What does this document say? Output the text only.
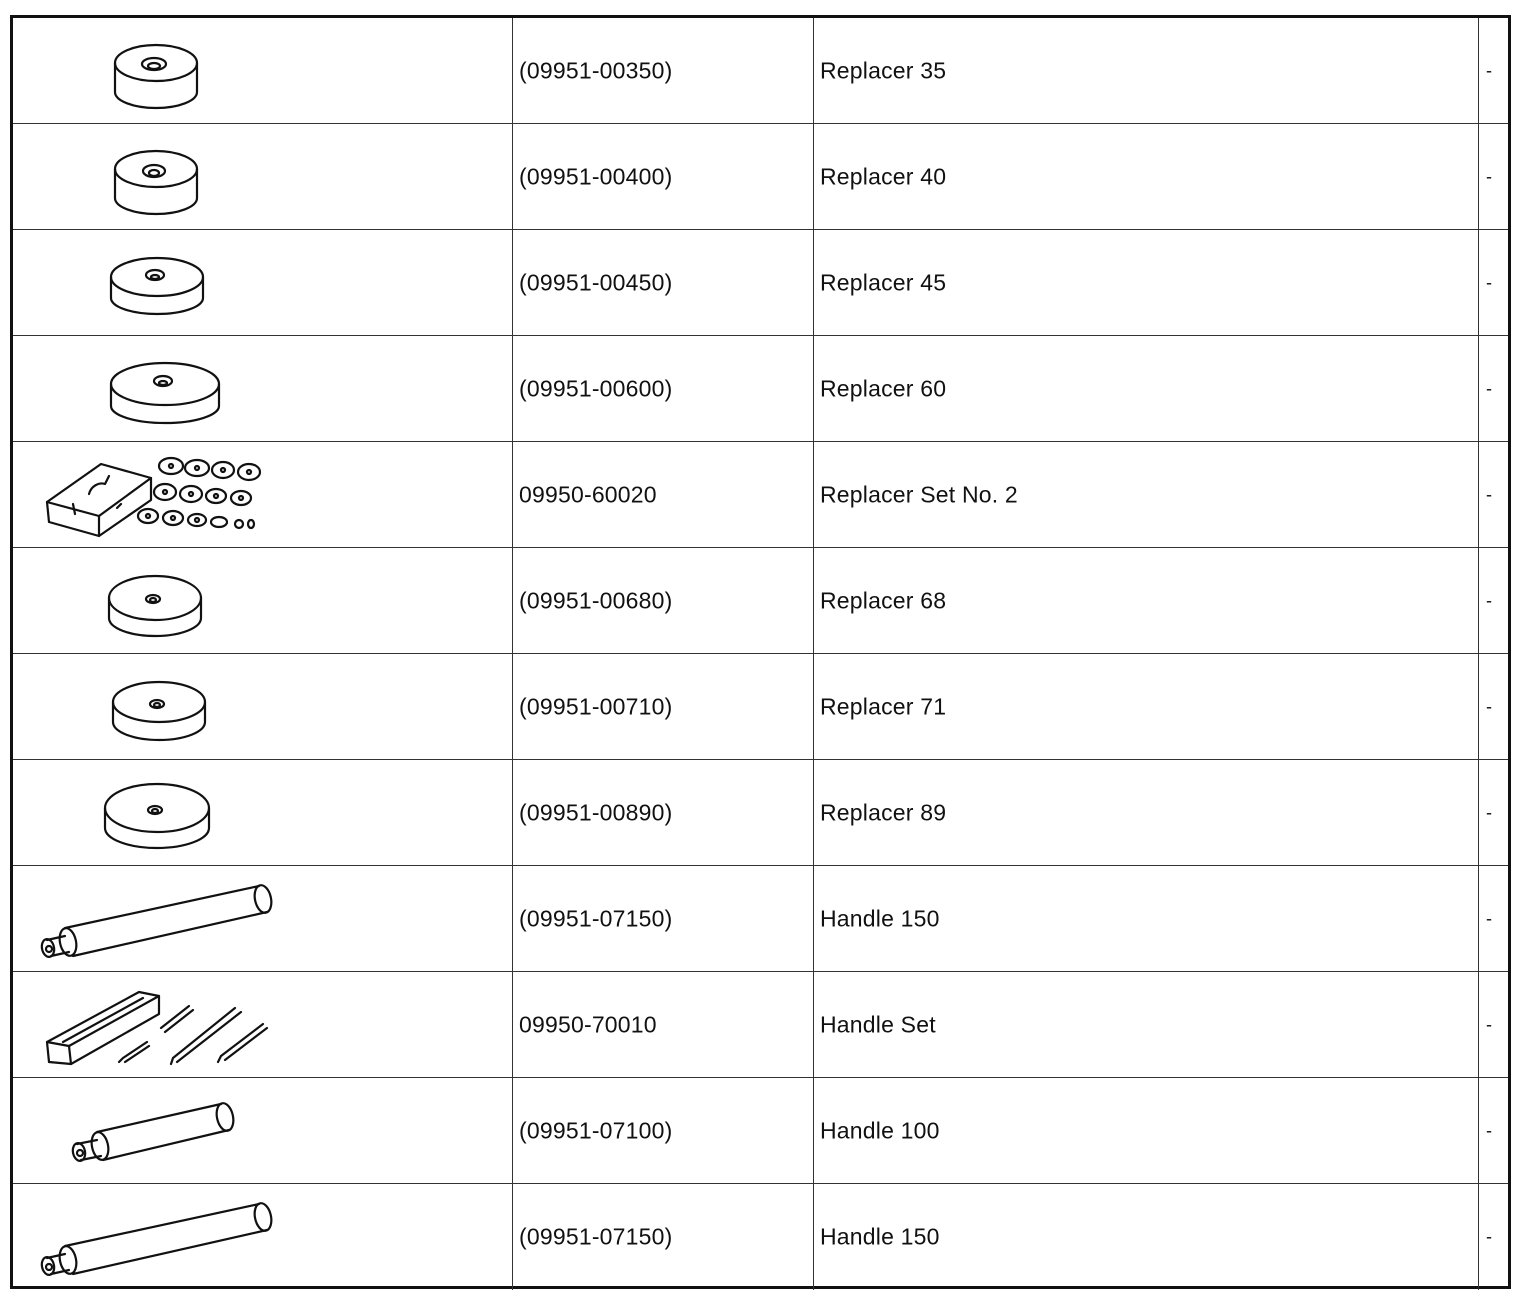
(09951-00350)	Replacer 35	-
(09951-00400)	Replacer 40	-
(09951-00450)	Replacer 45	-
(09951-00600)	Replacer 60	-
09950-60020	Replacer Set No. 2	-
(09951-00680)	Replacer 68	-
(09951-00710)	Replacer 71	-
(09951-00890)	Replacer 89	-
(09951-07150)	Handle 150	-
09950-70010	Handle Set	-
(09951-07100)	Handle 100	-
(09951-07150)	Handle 150	-
